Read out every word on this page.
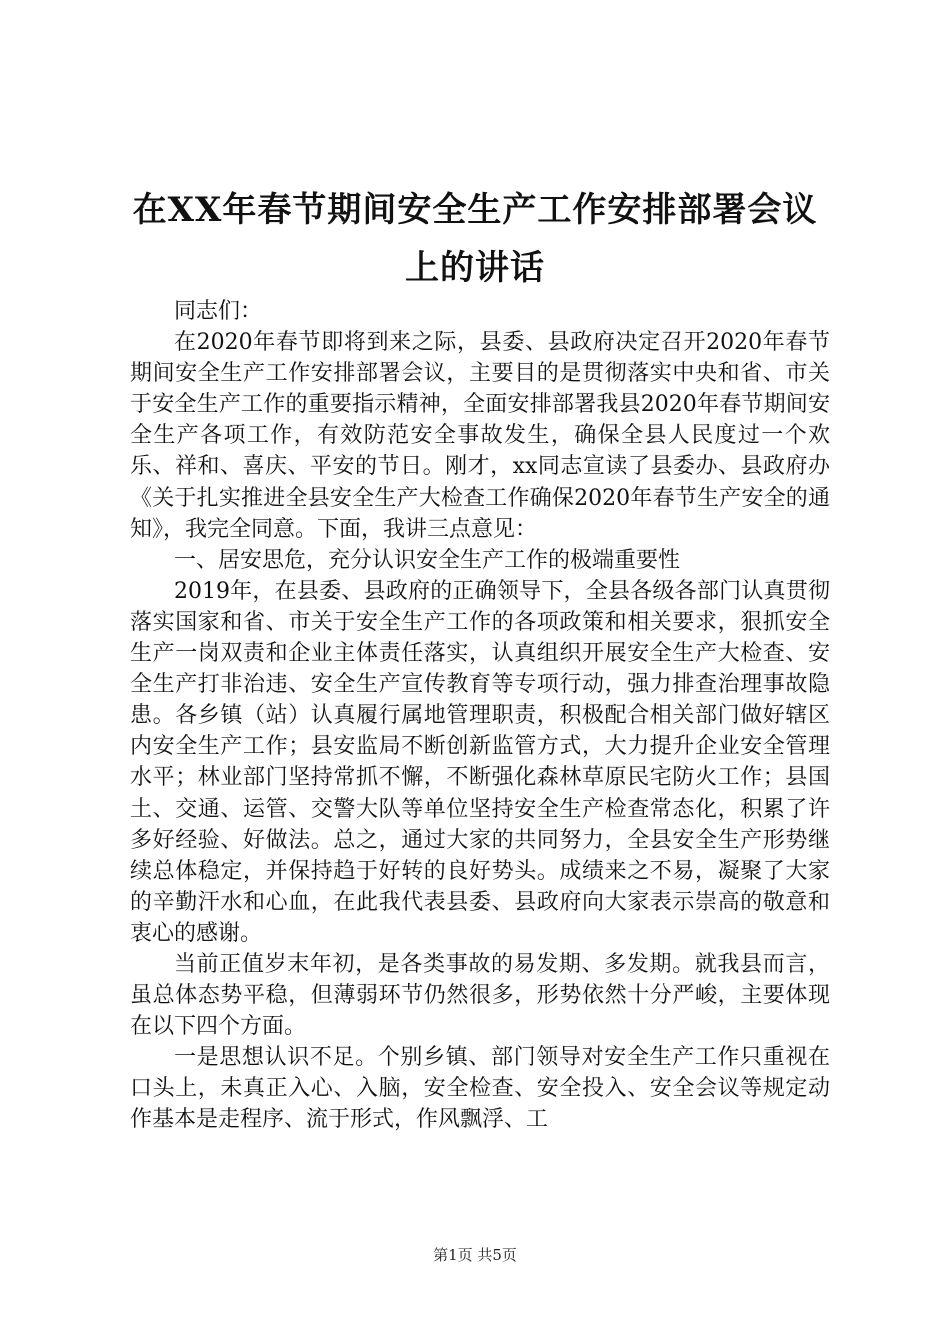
在XX年春节期间安全生产工作安排部署会议
上的讲话

同志们：

在2020年春节即将到来之际，县委、县政府决定召开2020年春节期间安全生产工作安排部署会议，主要目的是贯彻落实中央和省、市关于安全生产工作的重要指示精神，全面安排部署我县2020年春节期间安全生产各项工作，有效防范安全事故发生，确保全县人民度过一个欢乐、祥和、喜庆、平安的节日。刚才，xx同志宣读了县委办、县政府办《关于扎实推进全县安全生产大检查工作确保2020年春节生产安全的通知》，我完全同意。下面，我讲三点意见：

一、居安思危，充分认识安全生产工作的极端重要性

2019年，在县委、县政府的正确领导下，全县各级各部门认真贯彻落实国家和省、市关于安全生产工作的各项政策和相关要求，狠抓安全生产一岗双责和企业主体责任落实，认真组织开展安全生产大检查、安全生产打非治违、安全生产宣传教育等专项行动，强力排查治理事故隐患。各乡镇（站）认真履行属地管理职责，积极配合相关部门做好辖区内安全生产工作；县安监局不断创新监管方式，大力提升企业安全管理水平；林业部门坚持常抓不懈，不断强化森林草原民宅防火工作；县国土、交通、运管、交警大队等单位坚持安全生产检查常态化，积累了许多好经验、好做法。总之，通过大家的共同努力，全县安全生产形势继续总体稳定，并保持趋于好转的良好势头。成绩来之不易，凝聚了大家的辛勤汗水和心血，在此我代表县委、县政府向大家表示崇高的敬意和衷心的感谢。

当前正值岁末年初，是各类事故的易发期、多发期。就我县而言，虽总体态势平稳，但薄弱环节仍然很多，形势依然十分严峻，主要体现在以下四个方面。

一是思想认识不足。个别乡镇、部门领导对安全生产工作只重视在口头上，未真正入心、入脑，安全检查、安全投入、安全会议等规定动作基本是走程序、流于形式，作风飘浮、工

第1页 共5页
